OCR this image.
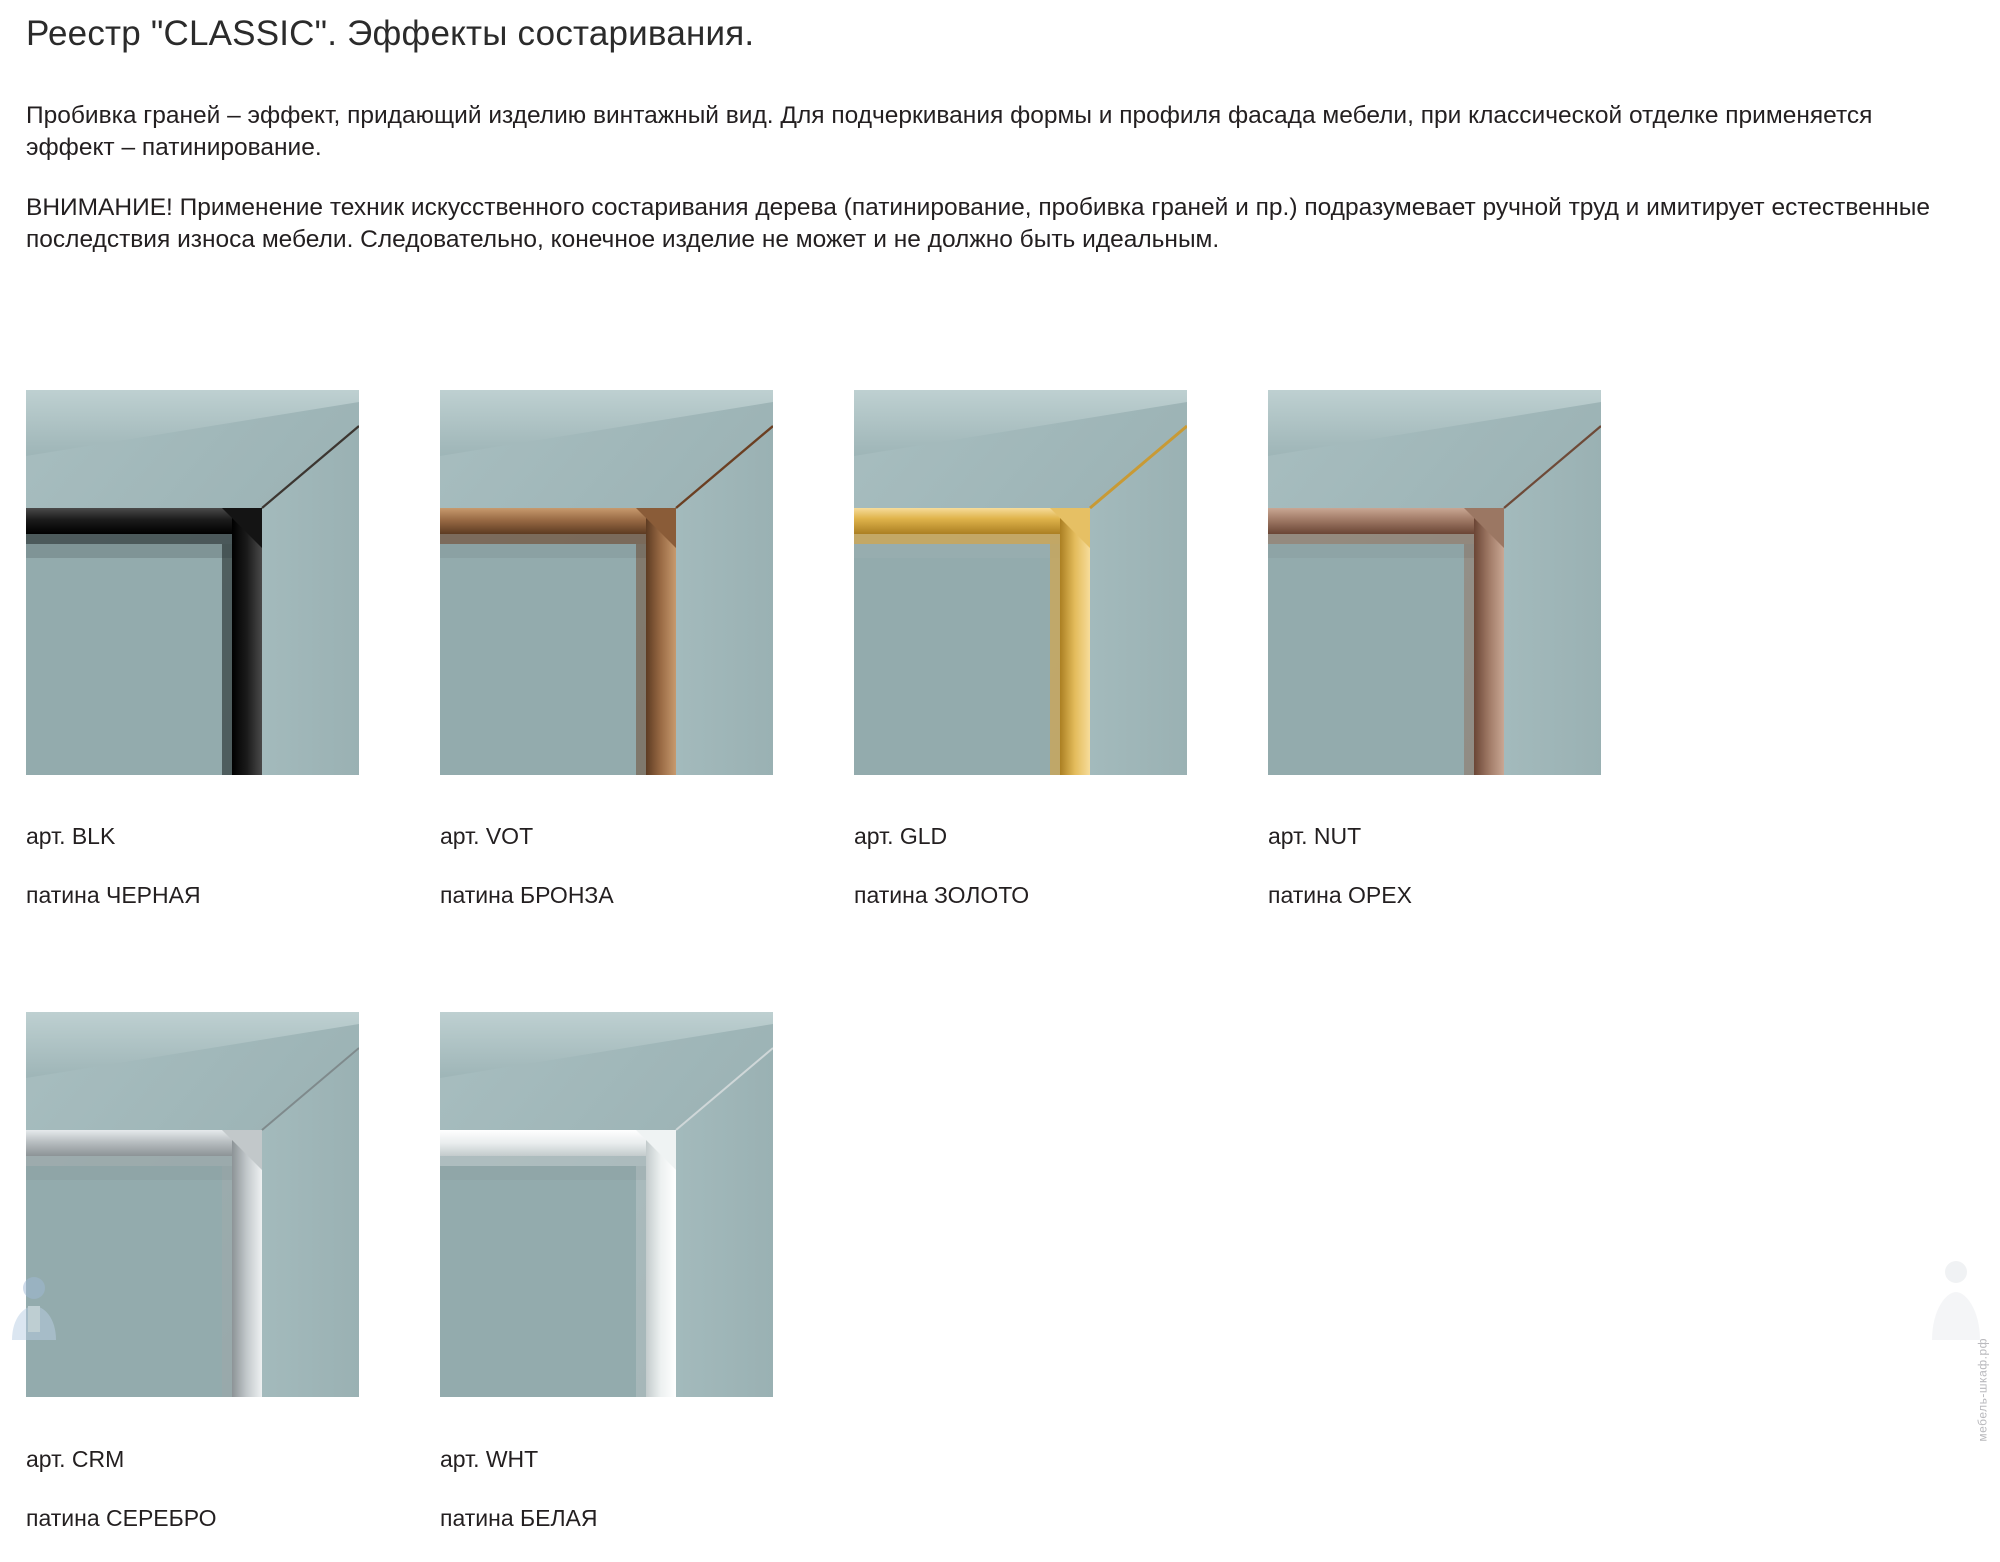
Реестр "CLASSIC". Эффекты состаривания.
Пробивка граней – эффект, придающий изделию винтажный вид. Для подчеркивания формы и профиля фасада мебели, при классической отделке применяется эффект – патинирование.
ВНИМАНИЕ! Применение техник искусственного состаривания дерева (патинирование, пробивка граней и пр.) подразумевает ручной труд и имитирует естественные последствия износа мебели. Следовательно, конечное изделие не может и не должно быть идеальным.

арт. BLK

патина ЧЕРНАЯ

арт. VOT

патина БРОНЗА

арт. GLD

патина ЗОЛОТО

арт. NUT

патина ОРЕХ

арт. CRM

патина СЕРЕБРО

арт. WHT

патина БЕЛАЯ

мебель-шкаф.рф
